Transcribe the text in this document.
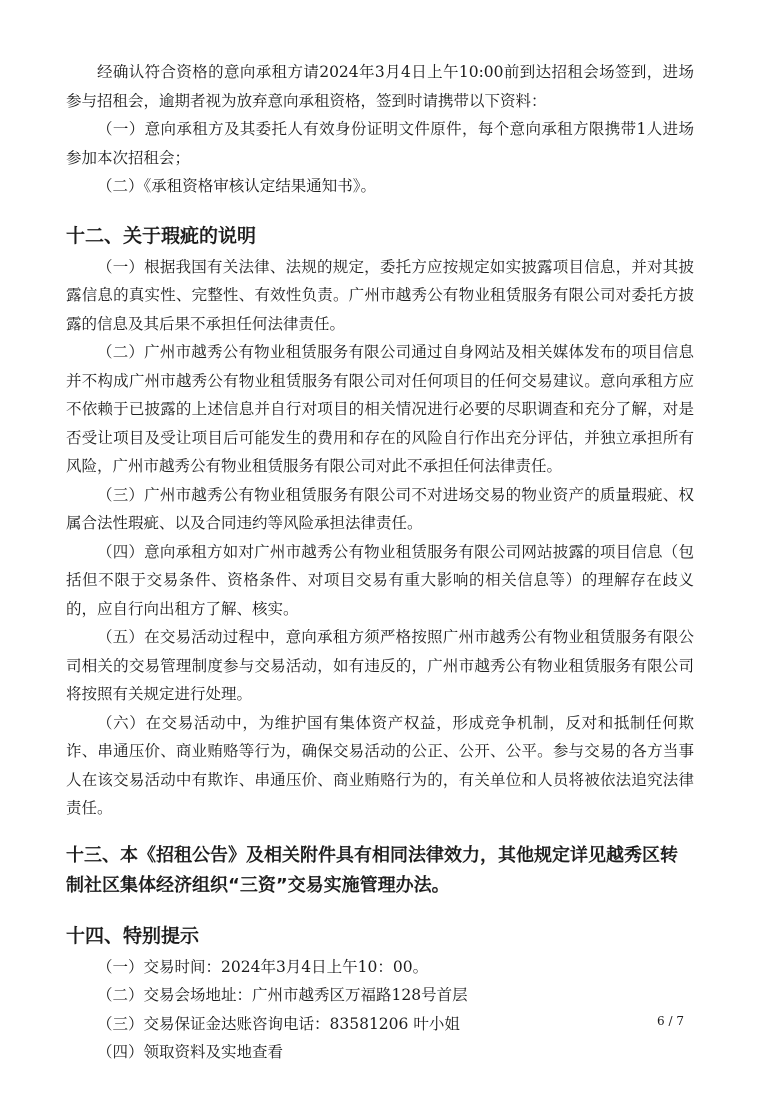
经确认符合资格的意向承租方请2024年3月4日上午10:00前到达招租会场签到，进场参与招租会，逾期者视为放弃意向承租资格，签到时请携带以下资料：

（一）意向承租方及其委托人有效身份证明文件原件，每个意向承租方限携带1人进场参加本次招租会；

（二）《承租资格审核认定结果通知书》。

十二、关于瑕疵的说明

（一）根据我国有关法律、法规的规定，委托方应按规定如实披露项目信息，并对其披露信息的真实性、完整性、有效性负责。广州市越秀公有物业租赁服务有限公司对委托方披露的信息及其后果不承担任何法律责任。

（二）广州市越秀公有物业租赁服务有限公司通过自身网站及相关媒体发布的项目信息并不构成广州市越秀公有物业租赁服务有限公司对任何项目的任何交易建议。意向承租方应不依赖于已披露的上述信息并自行对项目的相关情况进行必要的尽职调查和充分了解，对是否受让项目及受让项目后可能发生的费用和存在的风险自行作出充分评估，并独立承担所有风险，广州市越秀公有物业租赁服务有限公司对此不承担任何法律责任。

（三）广州市越秀公有物业租赁服务有限公司不对进场交易的物业资产的质量瑕疵、权属合法性瑕疵、以及合同违约等风险承担法律责任。

（四）意向承租方如对广州市越秀公有物业租赁服务有限公司网站披露的项目信息（包括但不限于交易条件、资格条件、对项目交易有重大影响的相关信息等）的理解存在歧义的，应自行向出租方了解、核实。

（五）在交易活动过程中，意向承租方须严格按照广州市越秀公有物业租赁服务有限公司相关的交易管理制度参与交易活动，如有违反的，广州市越秀公有物业租赁服务有限公司将按照有关规定进行处理。

（六）在交易活动中，为维护国有集体资产权益，形成竞争机制，反对和抵制任何欺诈、串通压价、商业贿赂等行为，确保交易活动的公正、公开、公平。参与交易的各方当事人在该交易活动中有欺诈、串通压价、商业贿赂行为的，有关单位和人员将被依法追究法律责任。

十三、本《招租公告》及相关附件具有相同法律效力，其他规定详见越秀区转制社区集体经济组织“三资”交易实施管理办法。

十四、特别提示

（一）交易时间：2024年3月4日上午10：00。

（二）交易会场地址：广州市越秀区万福路128号首层

（三）交易保证金达账咨询电话：83581206 叶小姐

（四）领取资料及实地查看

6 / 7
